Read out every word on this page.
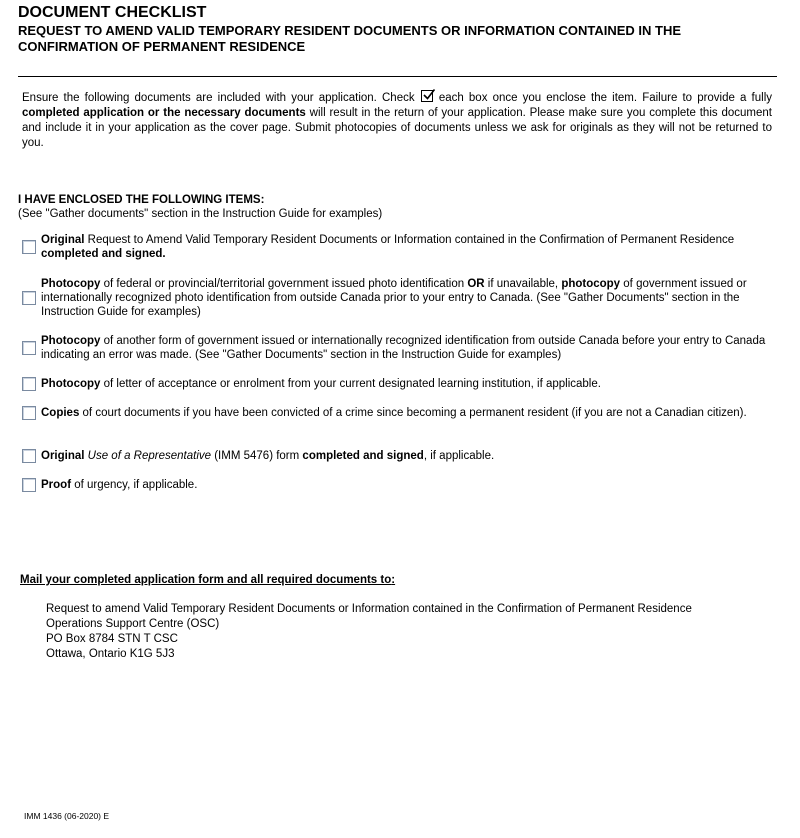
DOCUMENT CHECKLIST
REQUEST TO AMEND VALID TEMPORARY RESIDENT DOCUMENTS OR INFORMATION CONTAINED IN THE CONFIRMATION OF PERMANENT RESIDENCE
Ensure the following documents are included with your application. Check
each box once you enclose the item. Failure to provide a fully completed application or the necessary documents will result in the return of your application. Please make sure you complete this document and include it in your application as the cover page. Submit photocopies of documents unless we ask for originals as they will not be returned to you.
I HAVE ENCLOSED THE FOLLOWING ITEMS:
(See "Gather documents" section in the Instruction Guide for examples)
Original Request to Amend Valid Temporary Resident Documents or Information contained in the Confirmation of Permanent Residence completed and signed.
Photocopy of federal or provincial/territorial government issued photo identification OR if unavailable, photocopy of government issued or internationally recognized photo identification from outside Canada prior to your entry to Canada. (See "Gather Documents" section in the Instruction Guide for examples)
Photocopy of another form of government issued or internationally recognized identification from outside Canada before your entry to Canada indicating an error was made. (See "Gather Documents" section in the Instruction Guide for examples)
Photocopy of letter of acceptance or enrolment from your current designated learning institution, if applicable.
Copies of court documents if you have been convicted of a crime since becoming a permanent resident (if you are not a Canadian citizen).
Original Use of a Representative (IMM 5476) form completed and signed, if applicable.
Proof of urgency, if applicable.
Mail your completed application form and all required documents to:
Request to amend Valid Temporary Resident Documents or Information contained in the Confirmation of Permanent Residence
Operations Support Centre (OSC)
PO Box 8784 STN T CSC
Ottawa, Ontario K1G 5J3
IMM 1436 (06-2020) E
